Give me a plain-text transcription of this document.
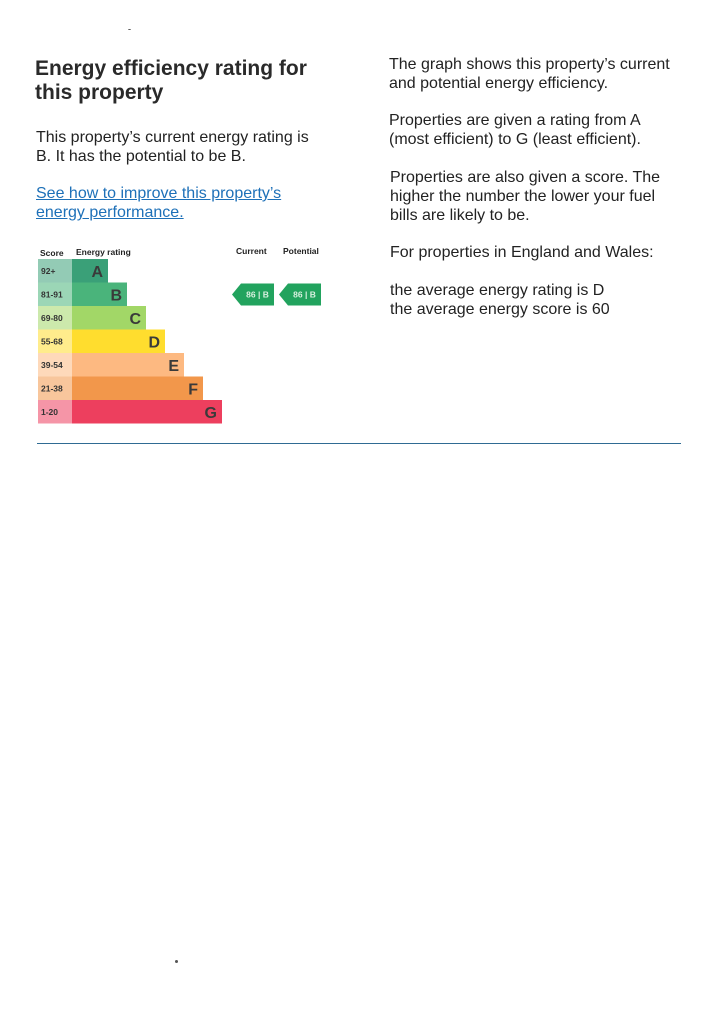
Energy efficiency rating for
this property
This property’s current energy rating is
B. It has the potential to be B.
See how to improve this property’s
energy performance.
Score Energy rating	Current Potential
92+ A
81-91	B
69-80	C
55-68	D
39-54	E
21-38	F
1-20	G
86 | B	86 | B
The graph shows this property’s current
and potential energy efficiency.
Properties are given a rating from A
(most efficient) to G (least efficient).
Properties are also given a score. The
higher the number the lower your fuel
bills are likely to be.
For properties in England and Wales:
the average energy rating is D
the average energy score is 60
